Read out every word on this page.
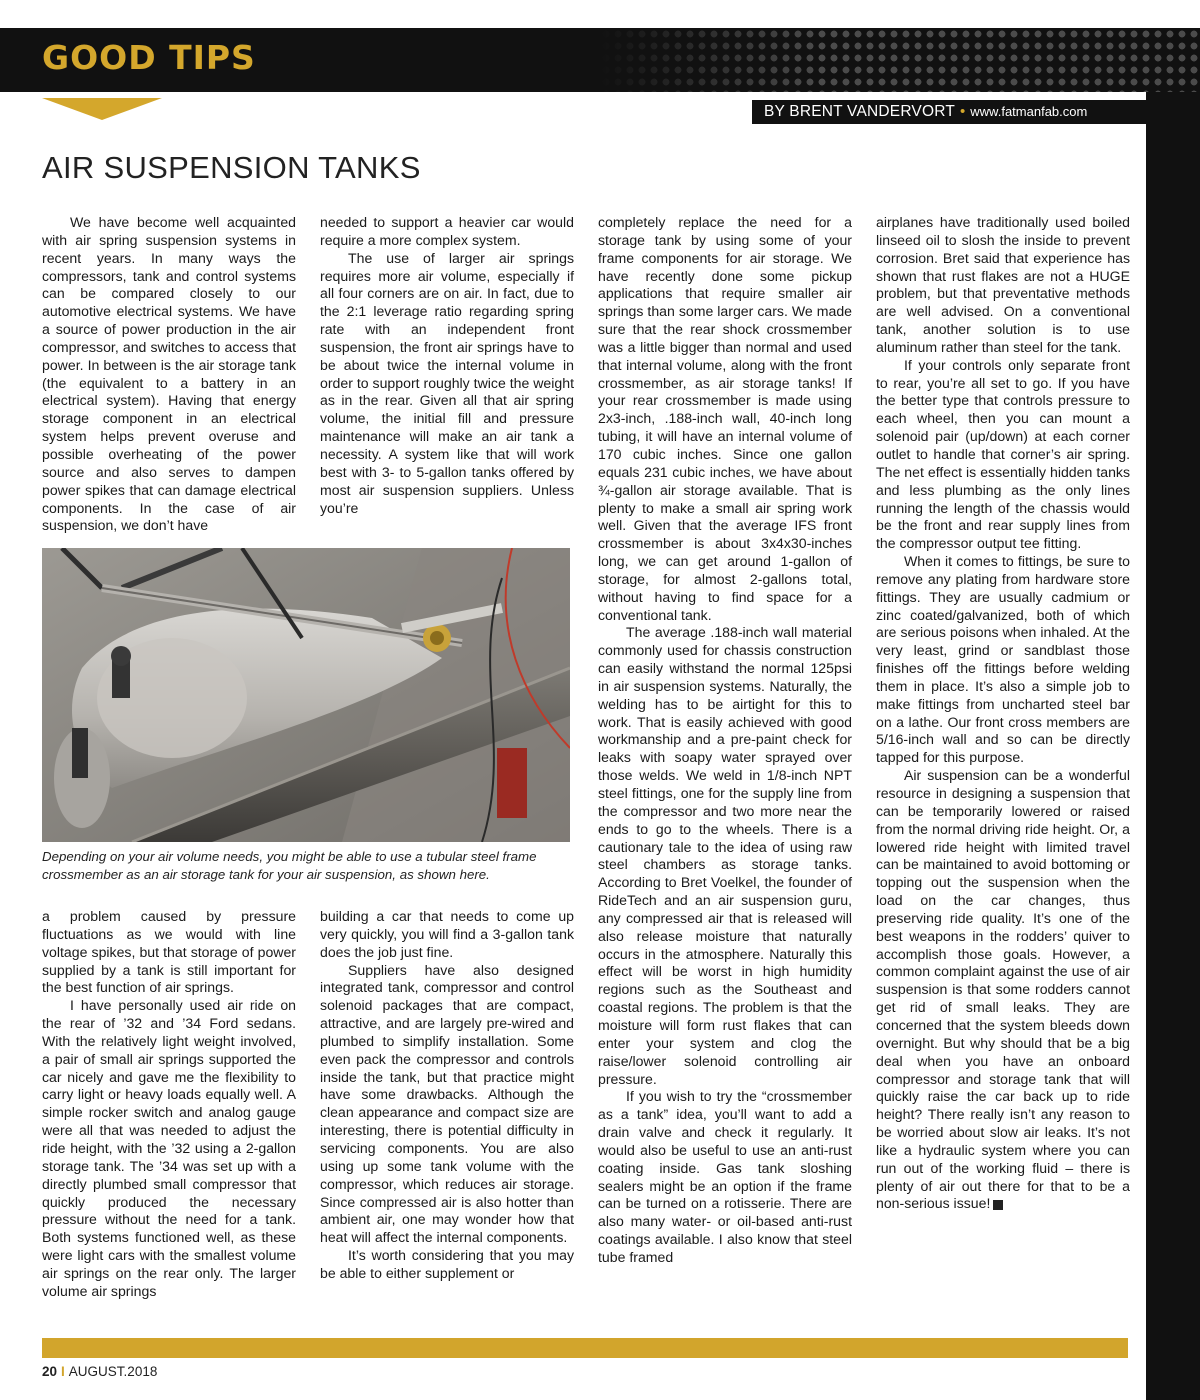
GOOD TIPS
BY BRENT VANDERVORT • www.fatmanfab.com
AIR SUSPENSION TANKS

We have become well acquainted with air spring suspension systems in recent years. In many ways the compressors, tank and control systems can be compared closely to our automotive electrical systems. We have a source of power production in the air compressor, and switches to access that power. In between is the air storage tank (the equivalent to a battery in an electrical system). Having that energy storage component in an electrical system helps prevent overuse and possible overheating of the power source and also serves to dampen power spikes that can damage electrical components. In the case of air suspension, we don’t have

needed to support a heavier car would require a more complex system.

The use of larger air springs requires more air volume, especially if all four corners are on air. In fact, due to the 2:1 leverage ratio regarding spring rate with an independent front suspension, the front air springs have to be about twice the internal volume in order to support roughly twice the weight as in the rear. Given all that air spring volume, the initial fill and pressure maintenance will make an air tank a necessity. A system like that will work best with 3- to 5-gallon tanks offered by most air suspension suppliers. Unless you’re

Depending on your air volume needs, you might be able to use a tubular steel frame crossmember as an air storage tank for your air suspension, as shown here.

a problem caused by pressure fluctuations as we would with line voltage spikes, but that storage of power supplied by a tank is still important for the best function of air springs.

I have personally used air ride on the rear of ’32 and ’34 Ford sedans. With the relatively light weight involved, a pair of small air springs supported the car nicely and gave me the flexibility to carry light or heavy loads equally well. A simple rocker switch and analog gauge were all that was needed to adjust the ride height, with the ’32 using a 2-gallon storage tank. The ’34 was set up with a directly plumbed small compressor that quickly produced the necessary pressure without the need for a tank. Both systems functioned well, as these were light cars with the smallest volume air springs on the rear only. The larger volume air springs

building a car that needs to come up very quickly, you will find a 3-gallon tank does the job just fine.

Suppliers have also designed integrated tank, compressor and control solenoid packages that are compact, attractive, and are largely pre-wired and plumbed to simplify installation. Some even pack the compressor and controls inside the tank, but that practice might have some drawbacks. Although the clean appearance and compact size are interesting, there is potential difficulty in servicing components. You are also using up some tank volume with the compressor, which reduces air storage. Since compressed air is also hotter than ambient air, one may wonder how that heat will affect the internal components.

It’s worth considering that you may be able to either supplement or

completely replace the need for a storage tank by using some of your frame components for air storage. We have recently done some pickup applications that require smaller air springs than some larger cars. We made sure that the rear shock crossmember was a little bigger than normal and used that internal volume, along with the front crossmember, as air storage tanks! If your rear crossmember is made using 2x3-inch, .188-inch wall, 40-inch long tubing, it will have an internal volume of 170 cubic inches. Since one gallon equals 231 cubic inches, we have about ¾-gallon air storage available. That is plenty to make a small air spring work well. Given that the average IFS front crossmember is about 3x4x30-inches long, we can get around 1-gallon of storage, for almost 2-gallons total, without having to find space for a conventional tank.

The average .188-inch wall material commonly used for chassis construction can easily withstand the normal 125psi in air suspension systems. Naturally, the welding has to be airtight for this to work. That is easily achieved with good workmanship and a pre-paint check for leaks with soapy water sprayed over those welds. We weld in 1/8-inch NPT steel fittings, one for the supply line from the compressor and two more near the ends to go to the wheels. There is a cautionary tale to the idea of using raw steel chambers as storage tanks. According to Bret Voelkel, the founder of RideTech and an air suspension guru, any compressed air that is released will also release moisture that naturally occurs in the atmosphere. Naturally this effect will be worst in high humidity regions such as the Southeast and coastal regions. The problem is that the moisture will form rust flakes that can enter your system and clog the raise/lower solenoid controlling air pressure.

If you wish to try the “crossmember as a tank” idea, you’ll want to add a drain valve and check it regularly. It would also be useful to use an anti-rust coating inside. Gas tank sloshing sealers might be an option if the frame can be turned on a rotisserie. There are also many water- or oil-based anti-rust coatings available. I also know that steel tube framed

airplanes have traditionally used boiled linseed oil to slosh the inside to prevent corrosion. Bret said that experience has shown that rust flakes are not a HUGE problem, but that preventative methods are well advised. On a conventional tank, another solution is to use aluminum rather than steel for the tank.

If your controls only separate front to rear, you’re all set to go. If you have the better type that controls pressure to each wheel, then you can mount a solenoid pair (up/down) at each corner outlet to handle that corner’s air spring. The net effect is essentially hidden tanks and less plumbing as the only lines running the length of the chassis would be the front and rear supply lines from the compressor output tee fitting.

When it comes to fittings, be sure to remove any plating from hardware store fittings. They are usually cadmium or zinc coated/galvanized, both of which are serious poisons when inhaled. At the very least, grind or sandblast those finishes off the fittings before welding them in place. It’s also a simple job to make fittings from uncharted steel bar on a lathe. Our front cross members are 5/16-inch wall and so can be directly tapped for this purpose.

Air suspension can be a wonderful resource in designing a suspension that can be temporarily lowered or raised from the normal driving ride height. Or, a lowered ride height with limited travel can be maintained to avoid bottoming or topping out the suspension when the load on the car changes, thus preserving ride quality. It’s one of the best weapons in the rodders’ quiver to accomplish those goals. However, a common complaint against the use of air suspension is that some rodders cannot get rid of small leaks. They are concerned that the system bleeds down overnight. But why should that be a big deal when you have an onboard compressor and storage tank that will quickly raise the car back up to ride height? There really isn’t any reason to be worried about slow air leaks. It’s not like a hydraulic system where you can run out of the working fluid – there is plenty of air out there for that to be a non-serious issue!	GG

20 I AUGUST.2018
